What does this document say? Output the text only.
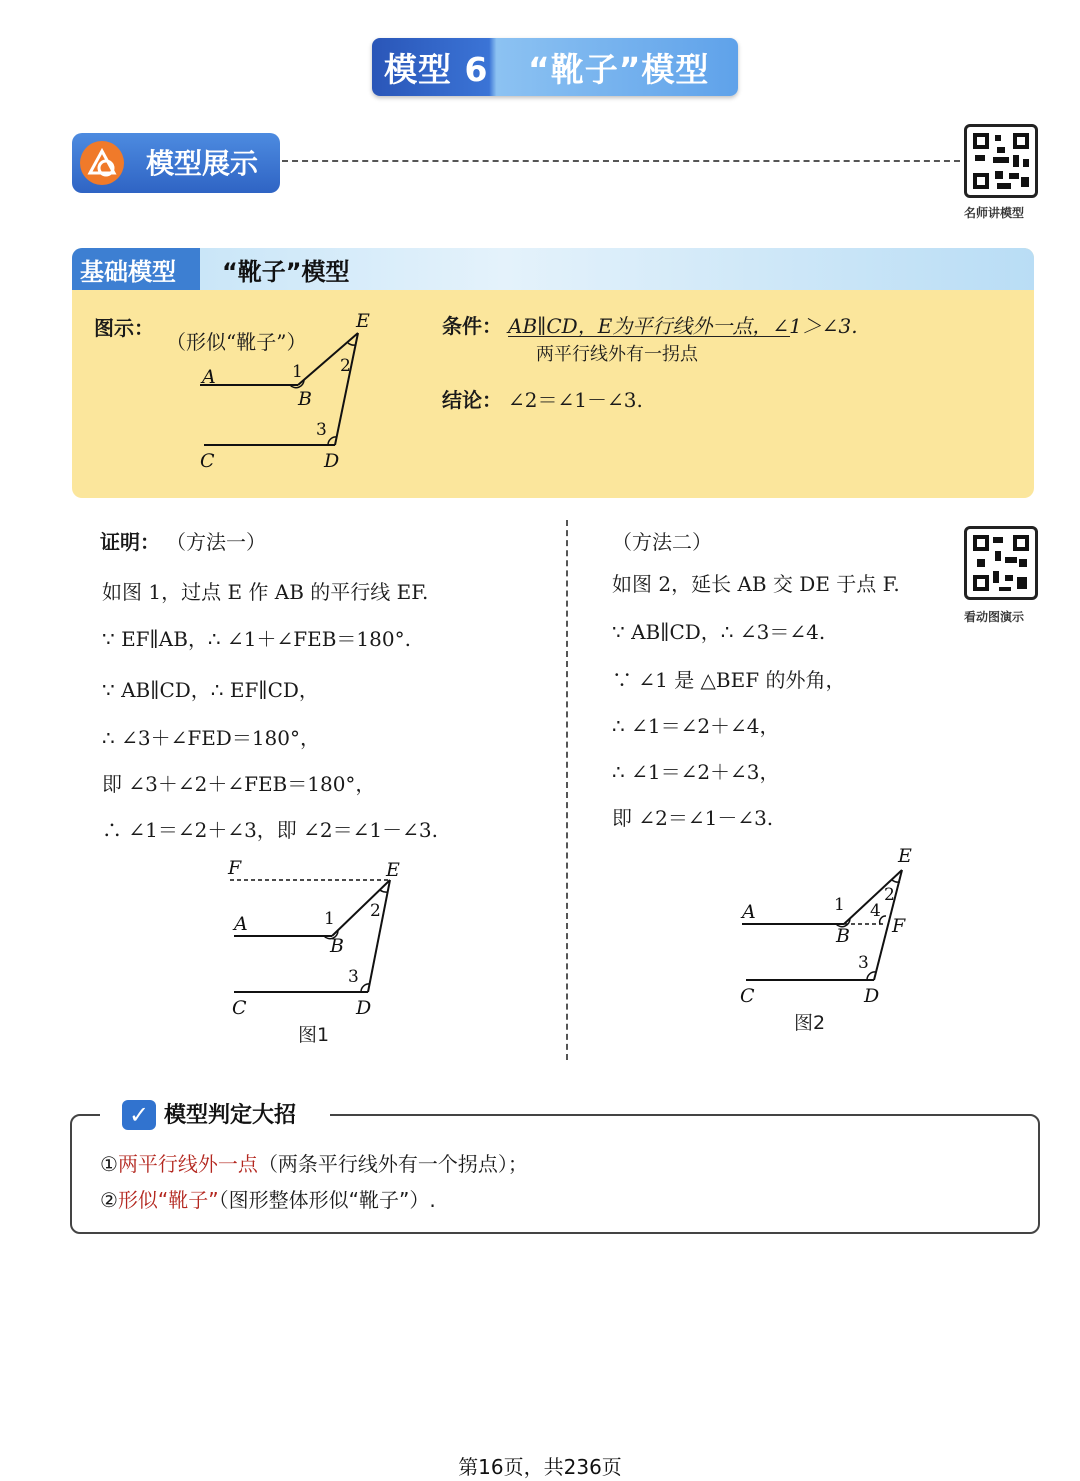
模型 6 “靴子”模型
模型展示
名师讲模型
基础模型 “靴子”模型
图示：
（形似“靴子”）
A
B
C	D
E
1 2
3
条件： AB∥CD，E为平行线外一点，∠1＞∠3.
两平行线外有一拐点
结论： ∠2＝∠1－∠3.
证明： （方法一）
如图 1，过点 E 作 AB 的平行线 EF.
∵ EF∥AB，∴ ∠1＋∠FEB＝180°.
∵ AB∥CD，∴ EF∥CD，
∴ ∠3＋∠FED＝180°，
即 ∠3＋∠2＋∠FEB＝180°，
∴ ∠1＝∠2＋∠3，即 ∠2＝∠1－∠3.
F	E
A
B
C	D
1 2
3
图1
（方法二）
如图 2，延长 AB 交 DE 于点 F.
∵ AB∥CD，∴ ∠3＝∠4.
∵ ∠1 是 △BEF 的外角，
∴ ∠1＝∠2＋∠4，
∴ ∠1＝∠2＋∠3，
即 ∠2＝∠1－∠3.
看动图演示
A
B
C	D
E
F
1 2
3
4
图2
✓ 模型判定大招
①两平行线外一点（两条平行线外有一个拐点）；
②形似“靴子”（图形整体形似“靴子”）.
第16页，共236页
